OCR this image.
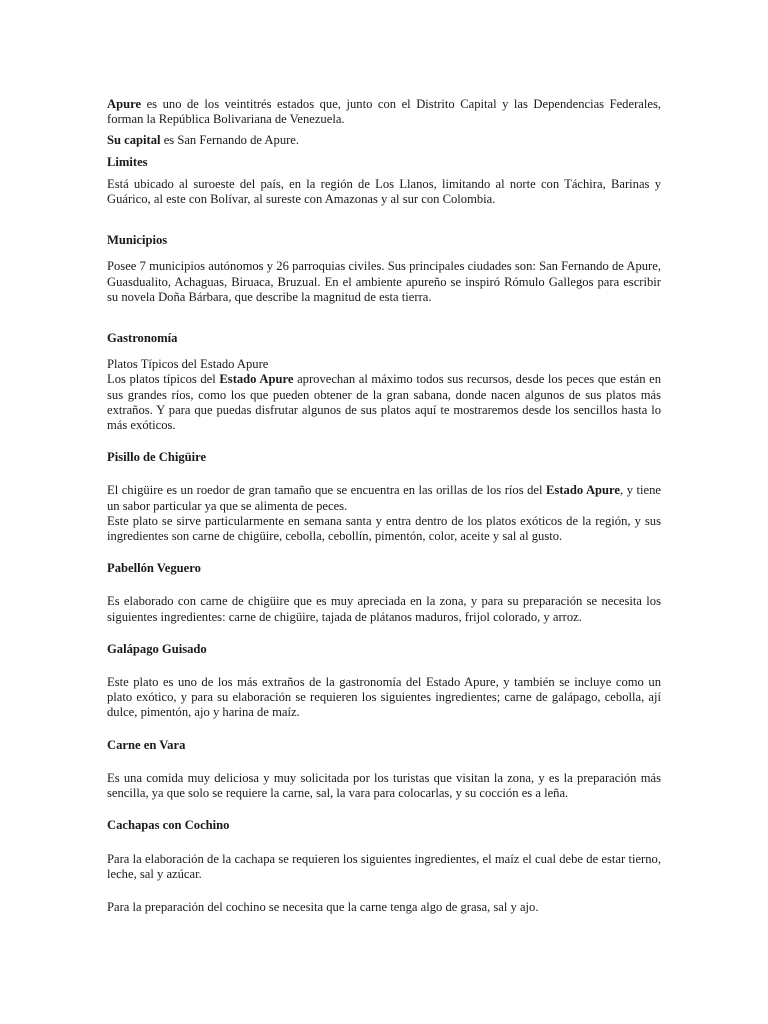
Apure es uno de los veintitrés estados que, junto con el Distrito Capital y las Dependencias Federales, forman la República Bolivariana de Venezuela.

Su capital es San Fernando de Apure.

Limites

Está ubicado al suroeste del país, en la región de Los Llanos, limitando al norte con Táchira, Barinas y Guárico, al este con Bolívar, al sureste con Amazonas y al sur con Colombia.

Municipios

Posee 7 municipios autónomos y 26 parroquias civiles. Sus principales ciudades son: San Fernando de Apure, Guasdualito, Achaguas, Biruaca, Bruzual. En el ambiente apureño se inspiró Rómulo Gallegos para escribir su novela Doña Bárbara, que describe la magnitud de esta tierra.

Gastronomía

Platos Típicos del Estado Apure

Los platos típicos del Estado Apure aprovechan al máximo todos sus recursos, desde los peces que están en sus grandes ríos, como los que pueden obtener de la gran sabana, donde nacen algunos de sus platos más extraños. Y para que puedas disfrutar algunos de sus platos aquí te mostraremos desde los sencillos hasta lo más exóticos.

Pisillo de Chigüire

El chigüire es un roedor de gran tamaño que se encuentra en las orillas de los ríos del Estado Apure, y tiene un sabor particular ya que se alimenta de peces.

Este plato se sirve particularmente en semana santa y entra dentro de los platos exóticos de la región, y sus ingredientes son carne de chigüire, cebolla, cebollín, pimentón, color, aceite y sal al gusto.

Pabellón Veguero

Es elaborado con carne de chigüire que es muy apreciada en la zona, y para su preparación se necesita los siguientes ingredientes: carne de chigüire, tajada de plátanos maduros, frijol colorado, y arroz.

Galápago Guisado

Este plato es uno de los más extraños de la gastronomía del Estado Apure, y también se incluye como un plato exótico, y para su elaboración se requieren los siguientes ingredientes; carne de galápago, cebolla, ají dulce, pimentón, ajo y harina de maíz.

Carne en Vara

Es una comida muy deliciosa y muy solicitada por los turistas que visitan la zona, y es la preparación más sencilla, ya que solo se requiere la carne, sal, la vara para colocarlas, y su cocción es a leña.

Cachapas con Cochino

Para la elaboración de la cachapa se requieren los siguientes ingredientes, el maíz el cual debe de estar tierno, leche, sal y azúcar.

Para la preparación del cochino se necesita que la carne tenga algo de grasa, sal y ajo.
